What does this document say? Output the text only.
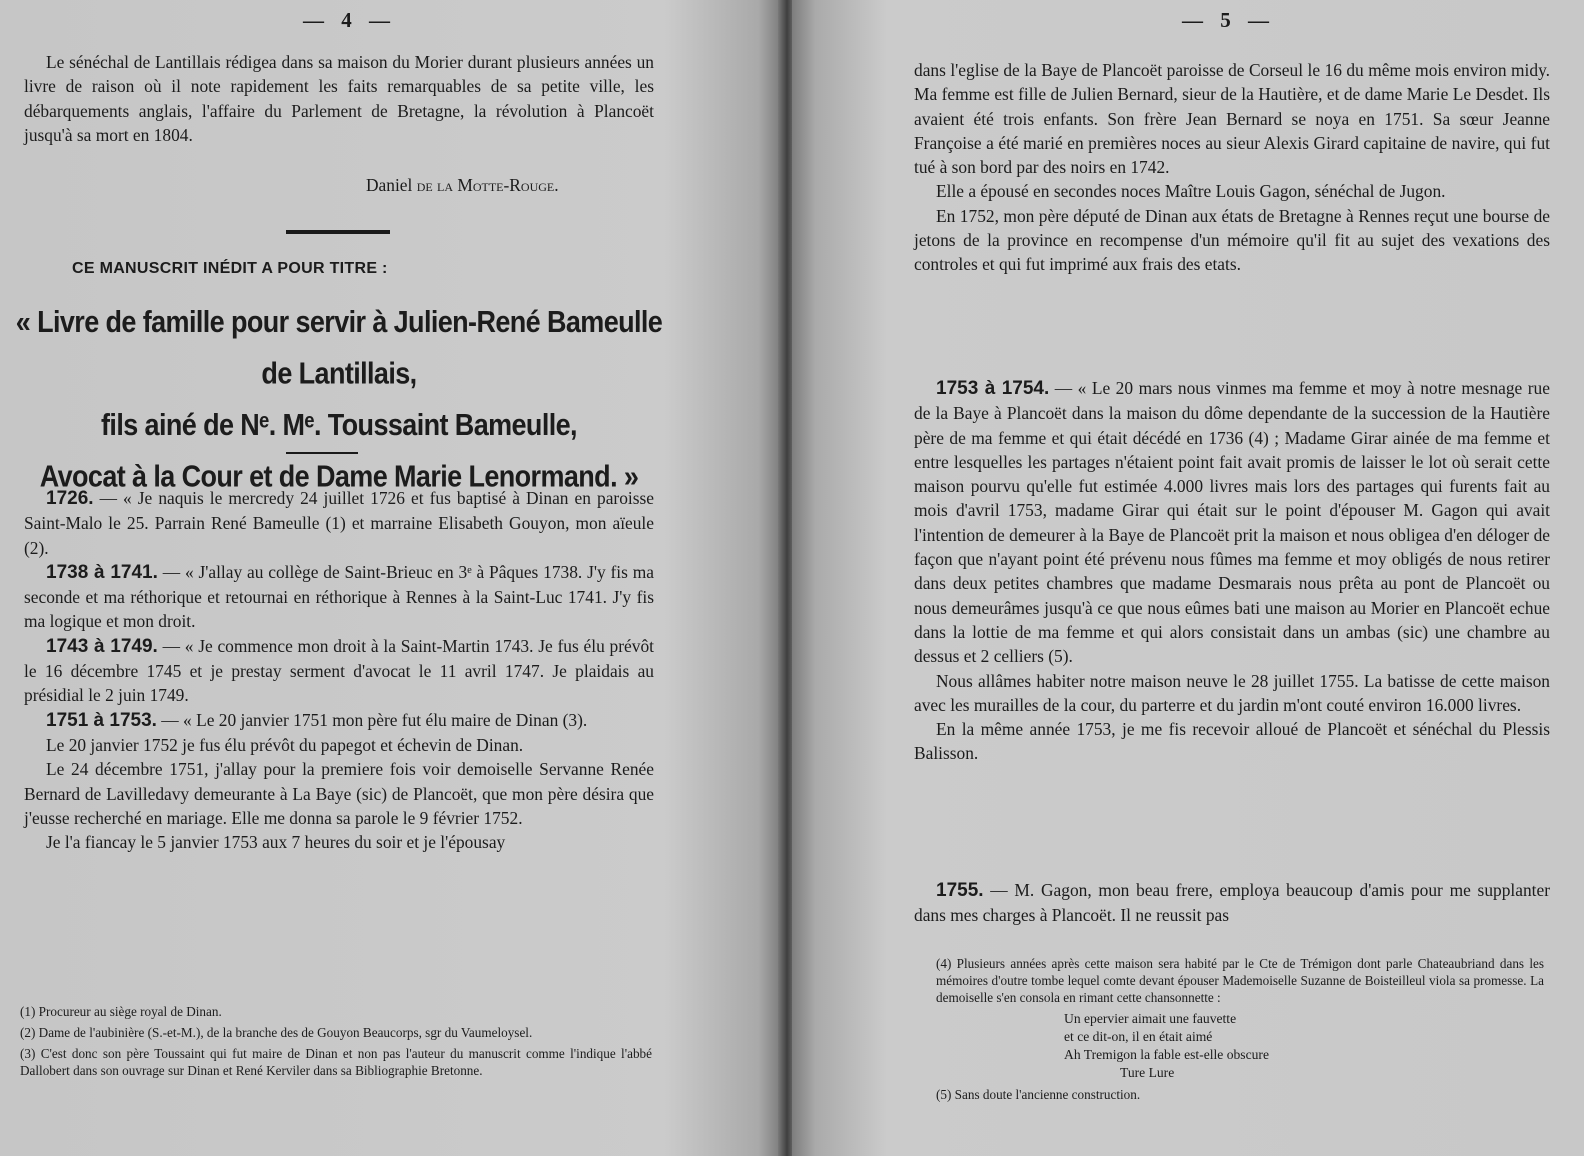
— 4 —

Le sénéchal de Lantillais rédigea dans sa maison du Morier durant plusieurs années un livre de raison où il note rapidement les faits remarquables de sa petite ville, les débarquements anglais, l'affaire du Parlement de Bretagne, la révolution à Plancoët jusqu'à sa mort en 1804.

Daniel de la Motte-Rouge.
CE MANUSCRIT INÉDIT A POUR TITRE :
« Livre de famille pour servir à Julien-René Bameulle de Lantillais,
fils ainé de Nᵉ. Mᵉ. Toussaint Bameulle,
Avocat à la Cour et de Dame Marie Lenormand. »

1726. — « Je naquis le mercredy 24 juillet 1726 et fus baptisé à Dinan en paroisse Saint-Malo le 25. Parrain René Bameulle (1) et marraine Elisabeth Gouyon, mon aïeule (2).

1738 à 1741. — « J'allay au collège de Saint-Brieuc en 3ᵉ à Pâques 1738. J'y fis ma seconde et ma réthorique et retournai en réthorique à Rennes à la Saint-Luc 1741. J'y fis ma logique et mon droit.

1743 à 1749. — « Je commence mon droit à la Saint-Martin 1743. Je fus élu prévôt le 16 décembre 1745 et je prestay serment d'avocat le 11 avril 1747. Je plaidais au présidial le 2 juin 1749.

1751 à 1753. — « Le 20 janvier 1751 mon père fut élu maire de Dinan (3).

Le 20 janvier 1752 je fus élu prévôt du papegot et échevin de Dinan.

Le 24 décembre 1751, j'allay pour la premiere fois voir demoiselle Servanne Renée Bernard de Lavilledavy demeurante à La Baye (sic) de Plancoët, que mon père désira que j'eusse recherché en mariage. Elle me donna sa parole le 9 février 1752.

Je l'a fiancay le 5 janvier 1753 aux 7 heures du soir et je l'épousay

(1) Procureur au siège royal de Dinan.

(2) Dame de l'aubinière (S.-et-M.), de la branche des de Gouyon Beaucorps, sgr du Vaumeloysel.

(3) C'est donc son père Toussaint qui fut maire de Dinan et non pas l'auteur du manuscrit comme l'indique l'abbé Dallobert dans son ouvrage sur Dinan et René Kerviler dans sa Bibliographie Bretonne.

— 5 —

dans l'eglise de la Baye de Plancoët paroisse de Corseul le 16 du même mois environ midy. Ma femme est fille de Julien Bernard, sieur de la Hautière, et de dame Marie Le Desdet. Ils avaient été trois enfants. Son frère Jean Bernard se noya en 1751. Sa sœur Jeanne Françoise a été marié en premières noces au sieur Alexis Girard capitaine de navire, qui fut tué à son bord par des noirs en 1742.

Elle a épousé en secondes noces Maître Louis Gagon, sénéchal de Jugon.

En 1752, mon père député de Dinan aux états de Bretagne à Rennes reçut une bourse de jetons de la province en recompense d'un mémoire qu'il fit au sujet des vexations des controles et qui fut imprimé aux frais des etats.

1753 à 1754. — « Le 20 mars nous vinmes ma femme et moy à notre mesnage rue de la Baye à Plancoët dans la maison du dôme dependante de la succession de la Hautière père de ma femme et qui était décédé en 1736 (4) ; Madame Girar ainée de ma femme et entre lesquelles les partages n'étaient point fait avait promis de laisser le lot où serait cette maison pourvu qu'elle fut estimée 4.000 livres mais lors des partages qui furents fait au mois d'avril 1753, madame Girar qui était sur le point d'épouser M. Gagon qui avait l'intention de demeurer à la Baye de Plancoët prit la maison et nous obligea d'en déloger de façon que n'ayant point été prévenu nous fûmes ma femme et moy obligés de nous retirer dans deux petites chambres que madame Desmarais nous prêta au pont de Plancoët ou nous demeurâmes jusqu'à ce que nous eûmes bati une maison au Morier en Plancoët echue dans la lottie de ma femme et qui alors consistait dans un ambas (sic) une chambre au dessus et 2 celliers (5).

Nous allâmes habiter notre maison neuve le 28 juillet 1755. La batisse de cette maison avec les murailles de la cour, du parterre et du jardin m'ont couté environ 16.000 livres.

En la même année 1753, je me fis recevoir alloué de Plancoët et sénéchal du Plessis Balisson.

1755. — M. Gagon, mon beau frere, employa beaucoup d'amis pour me supplanter dans mes charges à Plancoët. Il ne reussit pas

(4) Plusieurs années après cette maison sera habité par le Cte de Trémigon dont parle Chateaubriand dans les mémoires d'outre tombe lequel comte devant épouser Mademoiselle Suzanne de Boisteilleul viola sa promesse. La demoiselle s'en consola en rimant cette chansonnette :

Un epervier aimait une fauvette
et ce dit-on, il en était aimé
Ah Tremigon la fable est-elle obscure
Ture Lure

(5) Sans doute l'ancienne construction.
